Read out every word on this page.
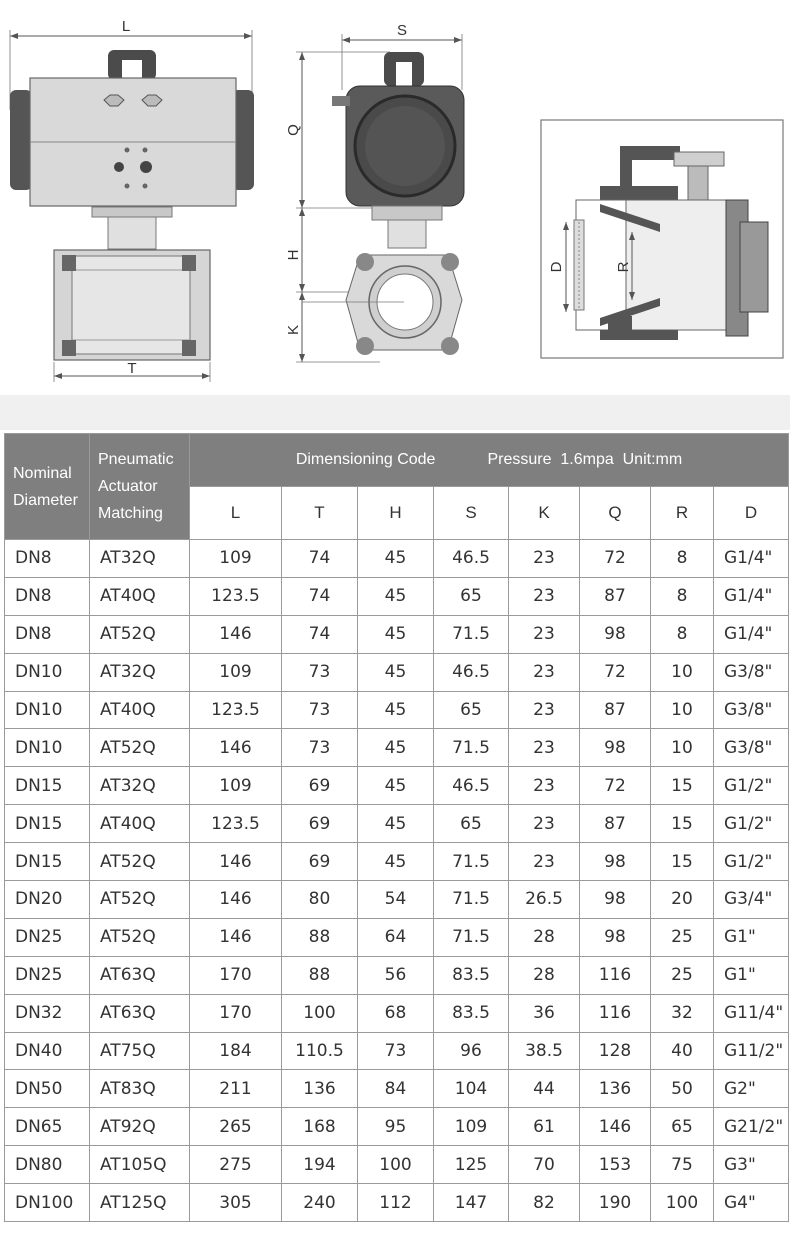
L
T
S
Q
H
K
D	R
Nominal
Diameter	Pneumatic
Actuator
Matching	Dimensioning Code Pressure  1.6mpa  Unit:mm							
		L	T	H	S	K	Q	R	D
DN8	AT32Q	109	74	45	46.5	23	72	8	G1/4"
DN8	AT40Q	123.5	74	45	65	23	87	8	G1/4"
DN8	AT52Q	146	74	45	71.5	23	98	8	G1/4"
DN10	AT32Q	109	73	45	46.5	23	72	10	G3/8"
DN10	AT40Q	123.5	73	45	65	23	87	10	G3/8"
DN10	AT52Q	146	73	45	71.5	23	98	10	G3/8"
DN15	AT32Q	109	69	45	46.5	23	72	15	G1/2"
DN15	AT40Q	123.5	69	45	65	23	87	15	G1/2"
DN15	AT52Q	146	69	45	71.5	23	98	15	G1/2"
DN20	AT52Q	146	80	54	71.5	26.5	98	20	G3/4"
DN25	AT52Q	146	88	64	71.5	28	98	25	G1"
DN25	AT63Q	170	88	56	83.5	28	116	25	G1"
DN32	AT63Q	170	100	68	83.5	36	116	32	G11/4"
DN40	AT75Q	184	110.5	73	96	38.5	128	40	G11/2"
DN50	AT83Q	211	136	84	104	44	136	50	G2"
DN65	AT92Q	265	168	95	109	61	146	65	G21/2"
DN80	AT105Q	275	194	100	125	70	153	75	G3"
DN100	AT125Q	305	240	112	147	82	190	100	G4"
